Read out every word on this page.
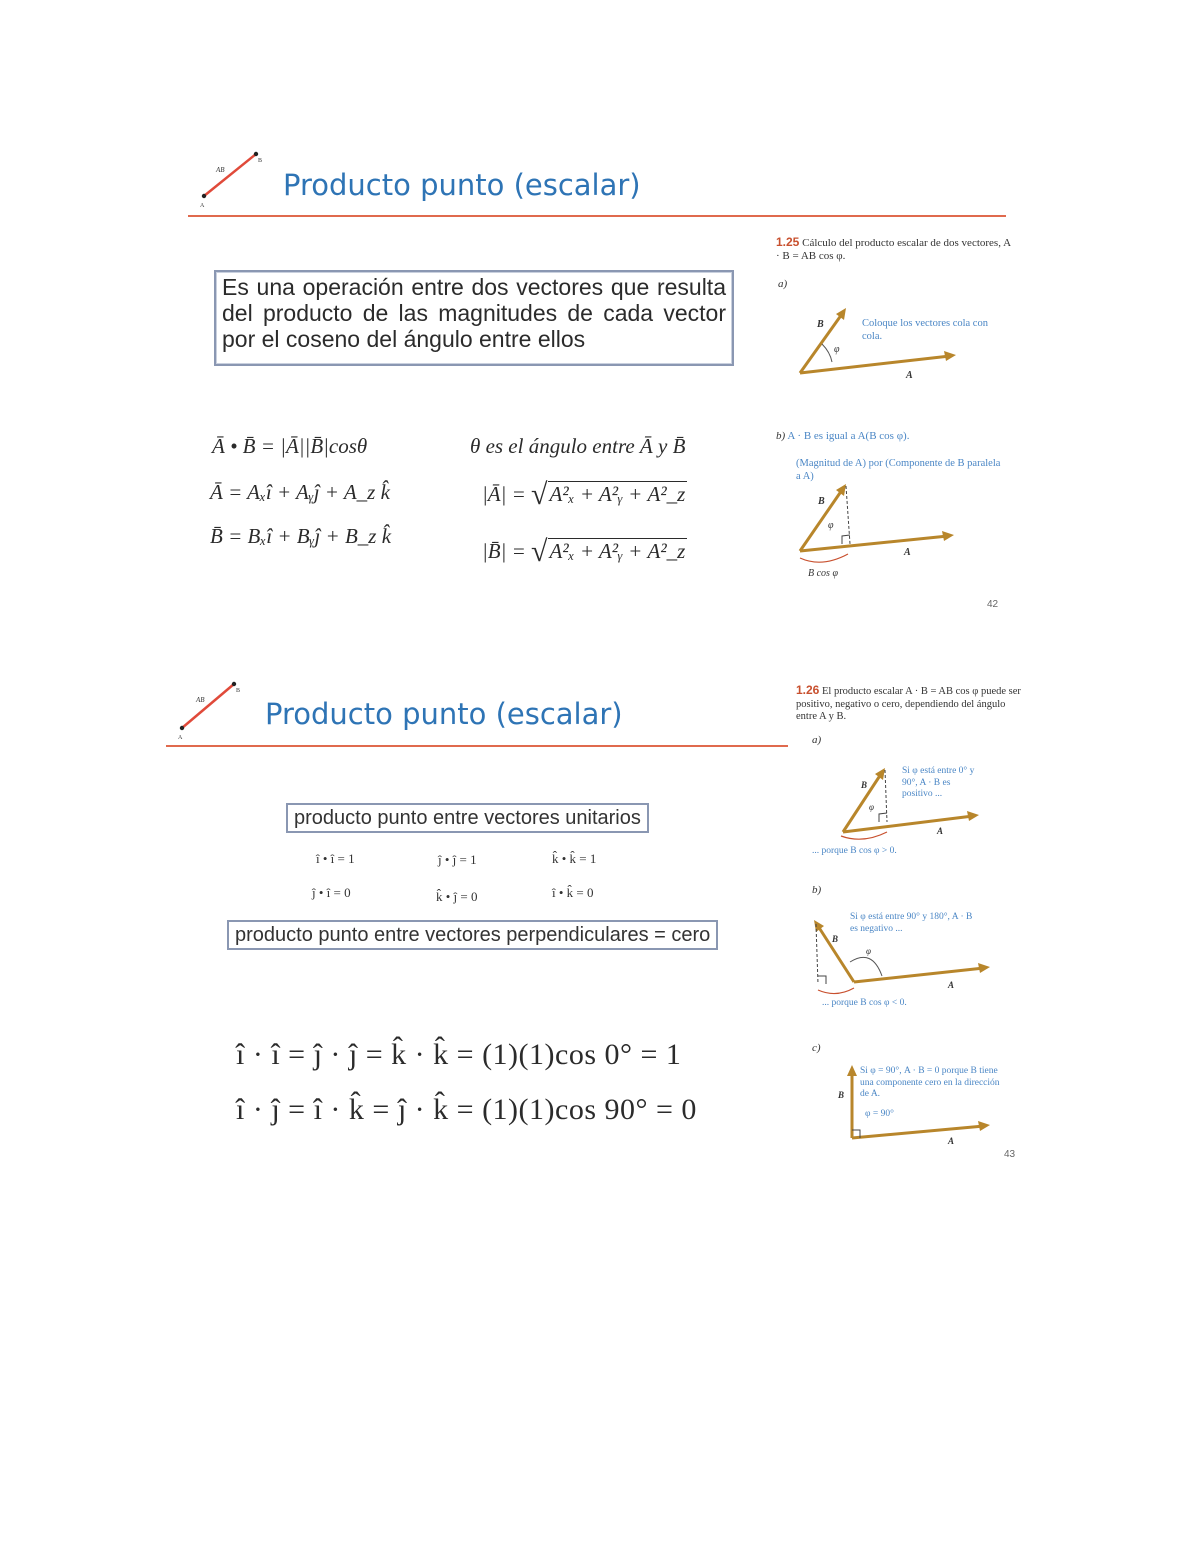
AB
A
B
Producto punto (escalar)
Es una operación entre dos vectores que resulta del producto de las magnitudes de cada vector por el coseno del ángulo entre ellos
Ā • B̄ = |Ā||B̄|cosθ	θ es el ángulo entre Ā y B̄
Ā = Aₓî + Aᵧĵ + A_z k̂
B̄ = Bₓî + Bᵧĵ + B_z k̂
|Ā| = √A²ₓ + A²ᵧ + A²_z
|B̄| = √A²ₓ + A²ᵧ + A²_z
1.25 Cálculo del producto escalar de dos vectores, A · B = AB cos φ.
a)
φ
B
A
Coloque los vectores cola con cola.
b) A · B es igual a A(B cos φ).
(Magnitud de A) por (Componente de B paralela a A)
φ
B
A
B cos φ
42
AB
A
B
Producto punto (escalar)
producto punto entre vectores unitarios
î • î = 1	ĵ • ĵ = 1	k̂ • k̂ = 1
ĵ • î = 0	k̂ • ĵ = 0	î • k̂ = 0
producto punto entre vectores perpendiculares = cero
î · î = ĵ · ĵ = k̂ · k̂ = (1)(1)cos 0° = 1
î · ĵ = î · k̂ = ĵ · k̂ = (1)(1)cos 90° = 0
1.26 El producto escalar A · B = AB cos φ puede ser positivo, negativo o cero, dependiendo del ángulo entre A y B.
a)
φ
B
A
Si φ está entre 0° y 90°, A · B es positivo ...
... porque B cos φ > 0.
b)
φ
B
A
Si φ está entre 90° y 180°, A · B es negativo ...
... porque B cos φ < 0.
c)
B
A
Si φ = 90°, A · B = 0 porque B tiene una componente cero en la dirección de A.
φ = 90°
43
